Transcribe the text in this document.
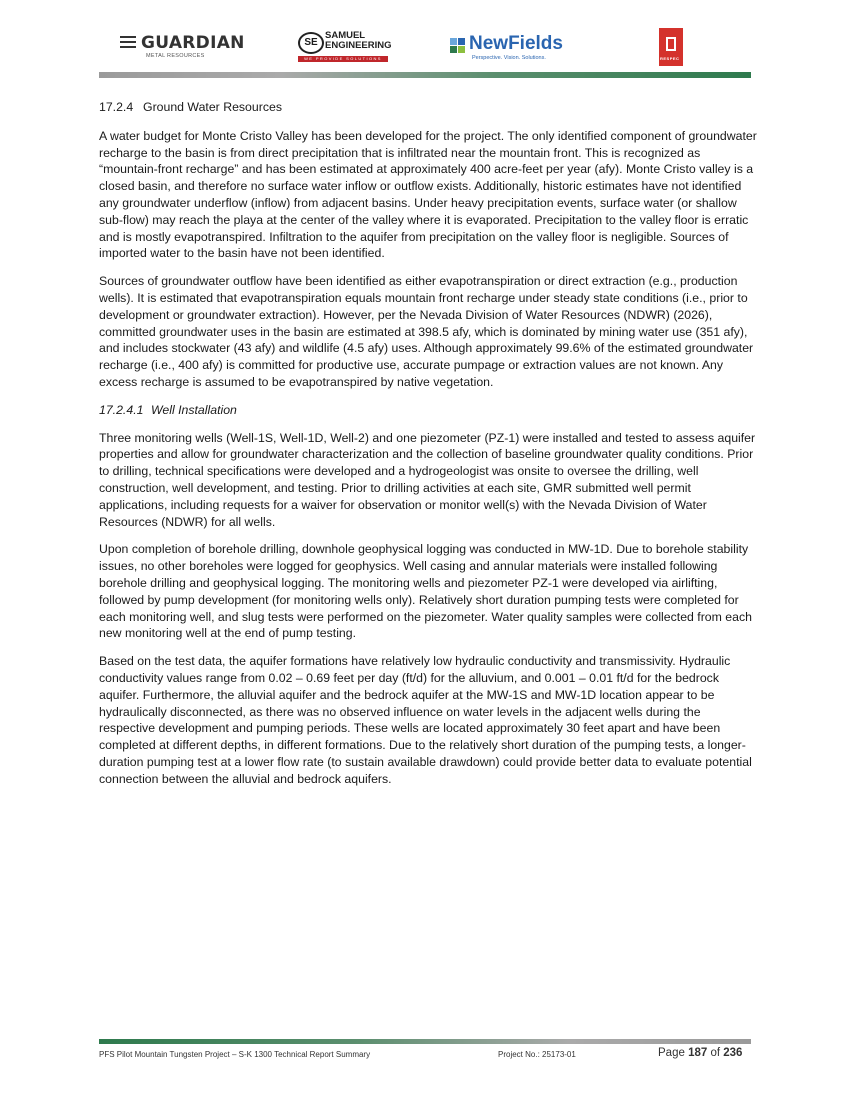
GUARDIAN
METAL RESOURCES
SE
SAMUEL
ENGINEERING
WE PROVIDE SOLUTIONS
NewFields
Perspective. Vision. Solutions.	RESPEC
17.2.4 Ground Water Resources

A water budget for Monte Cristo Valley has been developed for the project. The only identified component of groundwater recharge to the basin is from direct precipitation that is infiltrated near the mountain front. This is recognized as “mountain-front recharge” and has been estimated at approximately 400 acre-feet per year (afy). Monte Cristo valley is a closed basin, and therefore no surface water inflow or outflow exists. Additionally, historic estimates have not identified any groundwater underflow (inflow) from adjacent basins. Under heavy precipitation events, surface water (or shallow sub-flow) may reach the playa at the center of the valley where it is evaporated. Precipitation to the valley floor is erratic and is mostly evapotranspired. Infiltration to the aquifer from precipitation on the valley floor is negligible. Sources of imported water to the basin have not been identified.

Sources of groundwater outflow have been identified as either evapotranspiration or direct extraction (e.g., production wells). It is estimated that evapotranspiration equals mountain front recharge under steady state conditions (i.e., prior to development or groundwater extraction). However, per the Nevada Division of Water Resources (NDWR) (2026), committed groundwater uses in the basin are estimated at 398.5 afy, which is dominated by mining water use (351 afy), and includes stockwater (43 afy) and wildlife (4.5 afy) uses. Although approximately 99.6% of the estimated groundwater recharge (i.e., 400 afy) is committed for productive use, accurate pumpage or extraction values are not known. Any excess recharge is assumed to be evapotranspired by native vegetation.

17.2.4.1 Well Installation

Three monitoring wells (Well-1S, Well-1D, Well-2) and one piezometer (PZ-1) were installed and tested to assess aquifer properties and allow for groundwater characterization and the collection of baseline groundwater quality conditions. Prior to drilling, technical specifications were developed and a hydrogeologist was onsite to oversee the drilling, well construction, well development, and testing. Prior to drilling activities at each site, GMR submitted well permit applications, including requests for a waiver for observation or monitor well(s) with the Nevada Division of Water Resources (NDWR) for all wells.

Upon completion of borehole drilling, downhole geophysical logging was conducted in MW-1D. Due to borehole stability issues, no other boreholes were logged for geophysics. Well casing and annular materials were installed following borehole drilling and geophysical logging. The monitoring wells and piezometer PZ-1 were developed via airlifting, followed by pump development (for monitoring wells only). Relatively short duration pumping tests were completed for each monitoring well, and slug tests were performed on the piezometer. Water quality samples were collected from each new monitoring well at the end of pump testing.

Based on the test data, the aquifer formations have relatively low hydraulic conductivity and transmissivity. Hydraulic conductivity values range from 0.02 – 0.69 feet per day (ft/d) for the alluvium, and 0.001 – 0.01 ft/d for the bedrock aquifer. Furthermore, the alluvial aquifer and the bedrock aquifer at the MW-1S and MW-1D location appear to be hydraulically disconnected, as there was no observed influence on water levels in the adjacent wells during the respective development and pumping periods. These wells are located approximately 30 feet apart and have been completed at different depths, in different formations. Due to the relatively short duration of the pumping tests, a longer-duration pumping test at a lower flow rate (to sustain available drawdown) could provide better data to evaluate potential connection between the alluvial and bedrock aquifers.

PFS Pilot Mountain Tungsten Project – S-K 1300 Technical Report Summary	Project No.: 25173-01	Page 187 of 236
